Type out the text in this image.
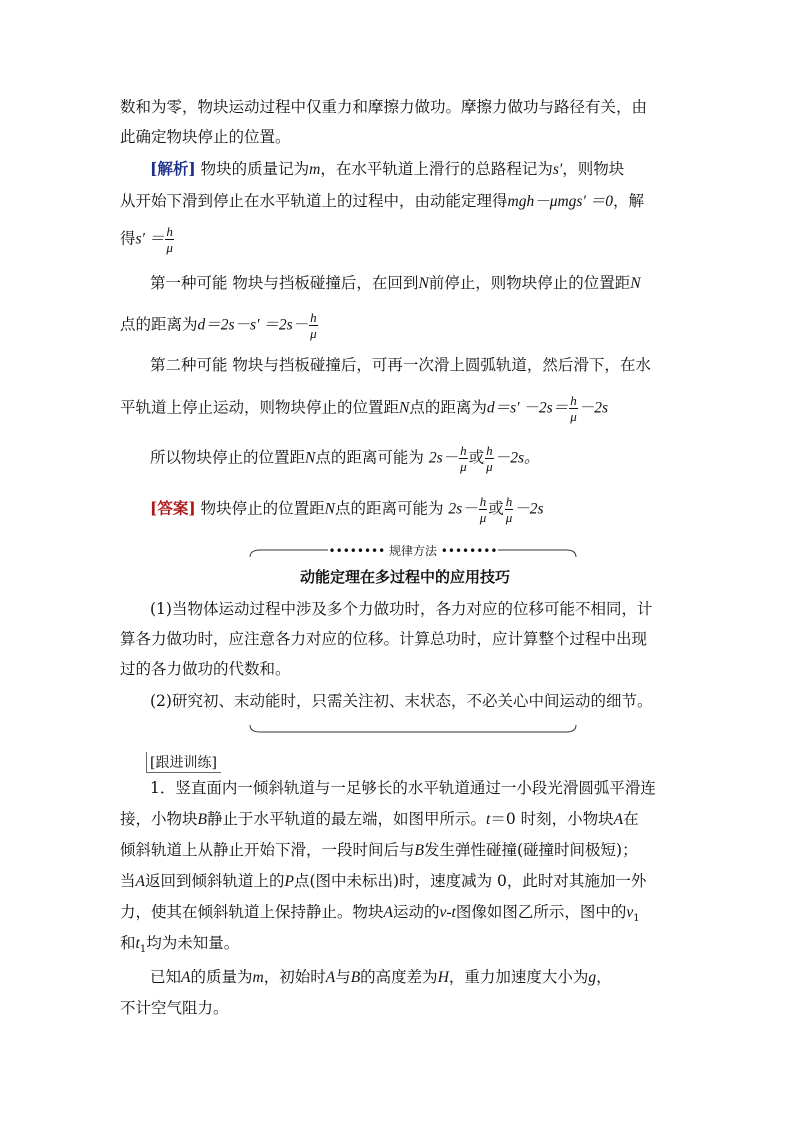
数和为零，物块运动过程中仅重力和摩擦力做功。摩擦力做功与路径有关，由
此确定物块停止的位置。
[解析] 物块的质量记为m，在水平轨道上滑行的总路程记为s′，则物块
从开始下滑到停止在水平轨道上的过程中，由动能定理得mgh－μmgs′ ＝0，解
得$s' = \frac{h}{\mu}$
第一种可能 物块与挡板碰撞后，在回到N前停止，则物块停止的位置距N
点的距离为$d=2s-s' =2s- \frac{h}{\mu}$
第二种可能 物块与挡板碰撞后，可再一次滑上圆弧轨道，然后滑下，在水
平轨道上停止运动，则物块停止的位置距N点的距离为$d=s' -2s= \frac{h}{\mu} -2s$
所以物块停止的位置距N点的距离可能为 $2s- \frac{h}{\mu}$ 或 $\frac{h}{\mu} -2s$。
[答案] 物块停止的位置距N点的距离可能为 $2s- \frac{h}{\mu}$ 或 $\frac{h}{\mu} -2s$
•••••••• 规律方法 ••••••••
动能定理在多过程中的应用技巧
(1)当物体运动过程中涉及多个力做功时，各力对应的位移可能不相同，计
算各力做功时，应注意各力对应的位移。计算总功时，应计算整个过程中出现
过的各力做功的代数和。
(2)研究初、末动能时，只需关注初、末状态，不必关心中间运动的细节。
[跟进训练]
1．竖直面内一倾斜轨道与一足够长的水平轨道通过一小段光滑圆弧平滑连
接，小物块B静止于水平轨道的最左端，如图甲所示。t＝0 时刻，小物块A在
倾斜轨道上从静止开始下滑，一段时间后与B发生弹性碰撞(碰撞时间极短)；
当A返回到倾斜轨道上的P点(图中未标出)时，速度减为 0，此时对其施加一外
力，使其在倾斜轨道上保持静止。物块A运动的v-t图像如图乙所示，图中的$v_1$
和$t_1$均为未知量。
已知A的质量为m，初始时A与B的高度差为H，重力加速度大小为g，
不计空气阻力。
